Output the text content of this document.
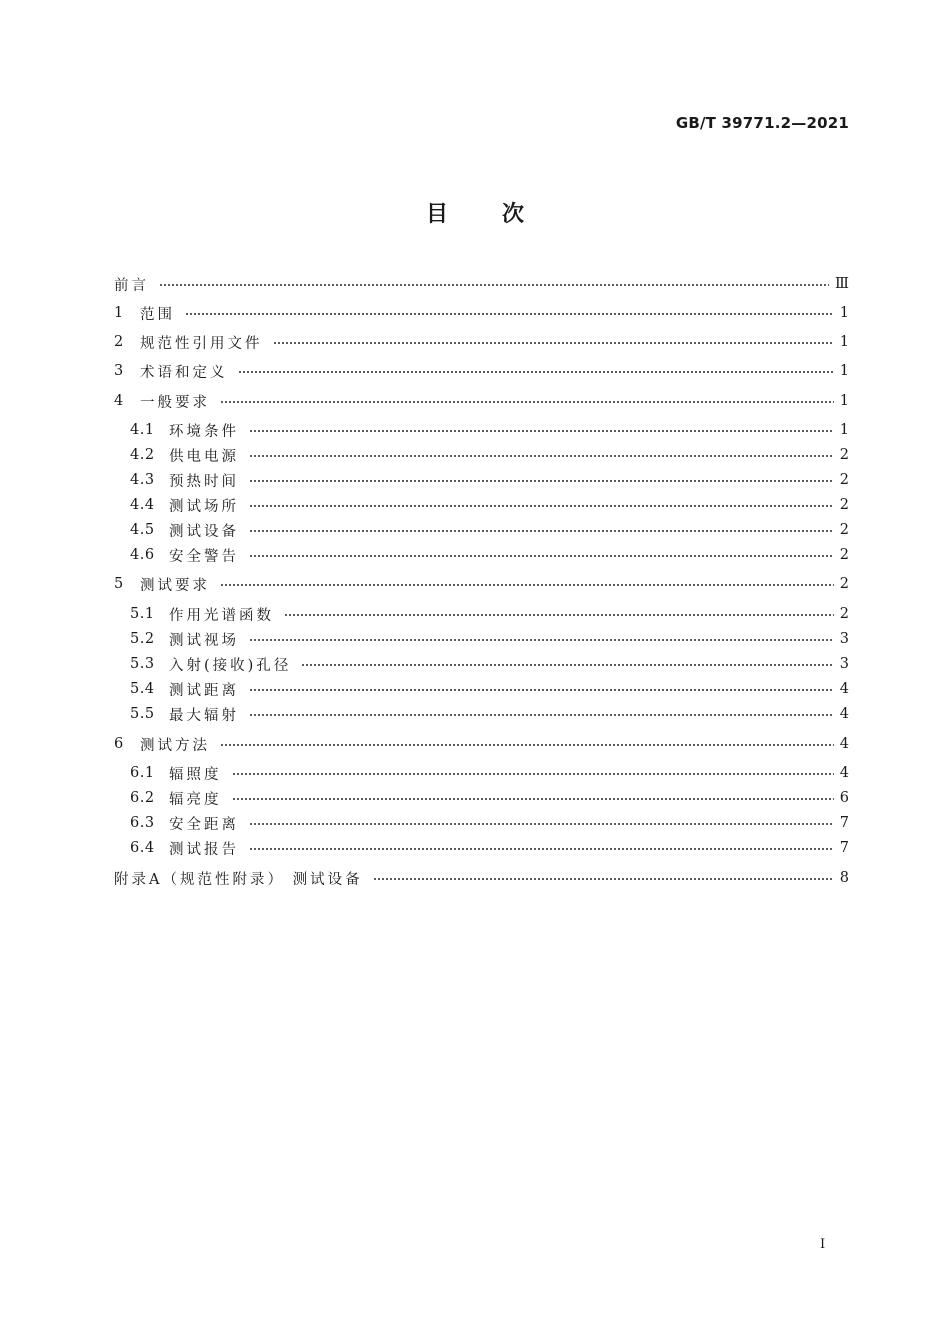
GB/T 39771.2—2021
目 次
前言	Ⅲ
1	范围	1
2	规范性引用文件	1
3	术语和定义	1
4	一般要求	1
4.1 环境条件	1
4.2 供电电源	2
4.3 预热时间	2
4.4 测试场所	2
4.5 测试设备	2
4.6 安全警告	2
5	测试要求	2
5.1 作用光谱函数	2
5.2 测试视场	3
5.3 入射(接收)孔径	3
5.4 测试距离	4
5.5 最大辐射	4
6	测试方法	4
6.1 辐照度	4
6.2 辐亮度	6
6.3 安全距离	7
6.4 测试报告	7
附录A（规范性附录） 测试设备	8
I
